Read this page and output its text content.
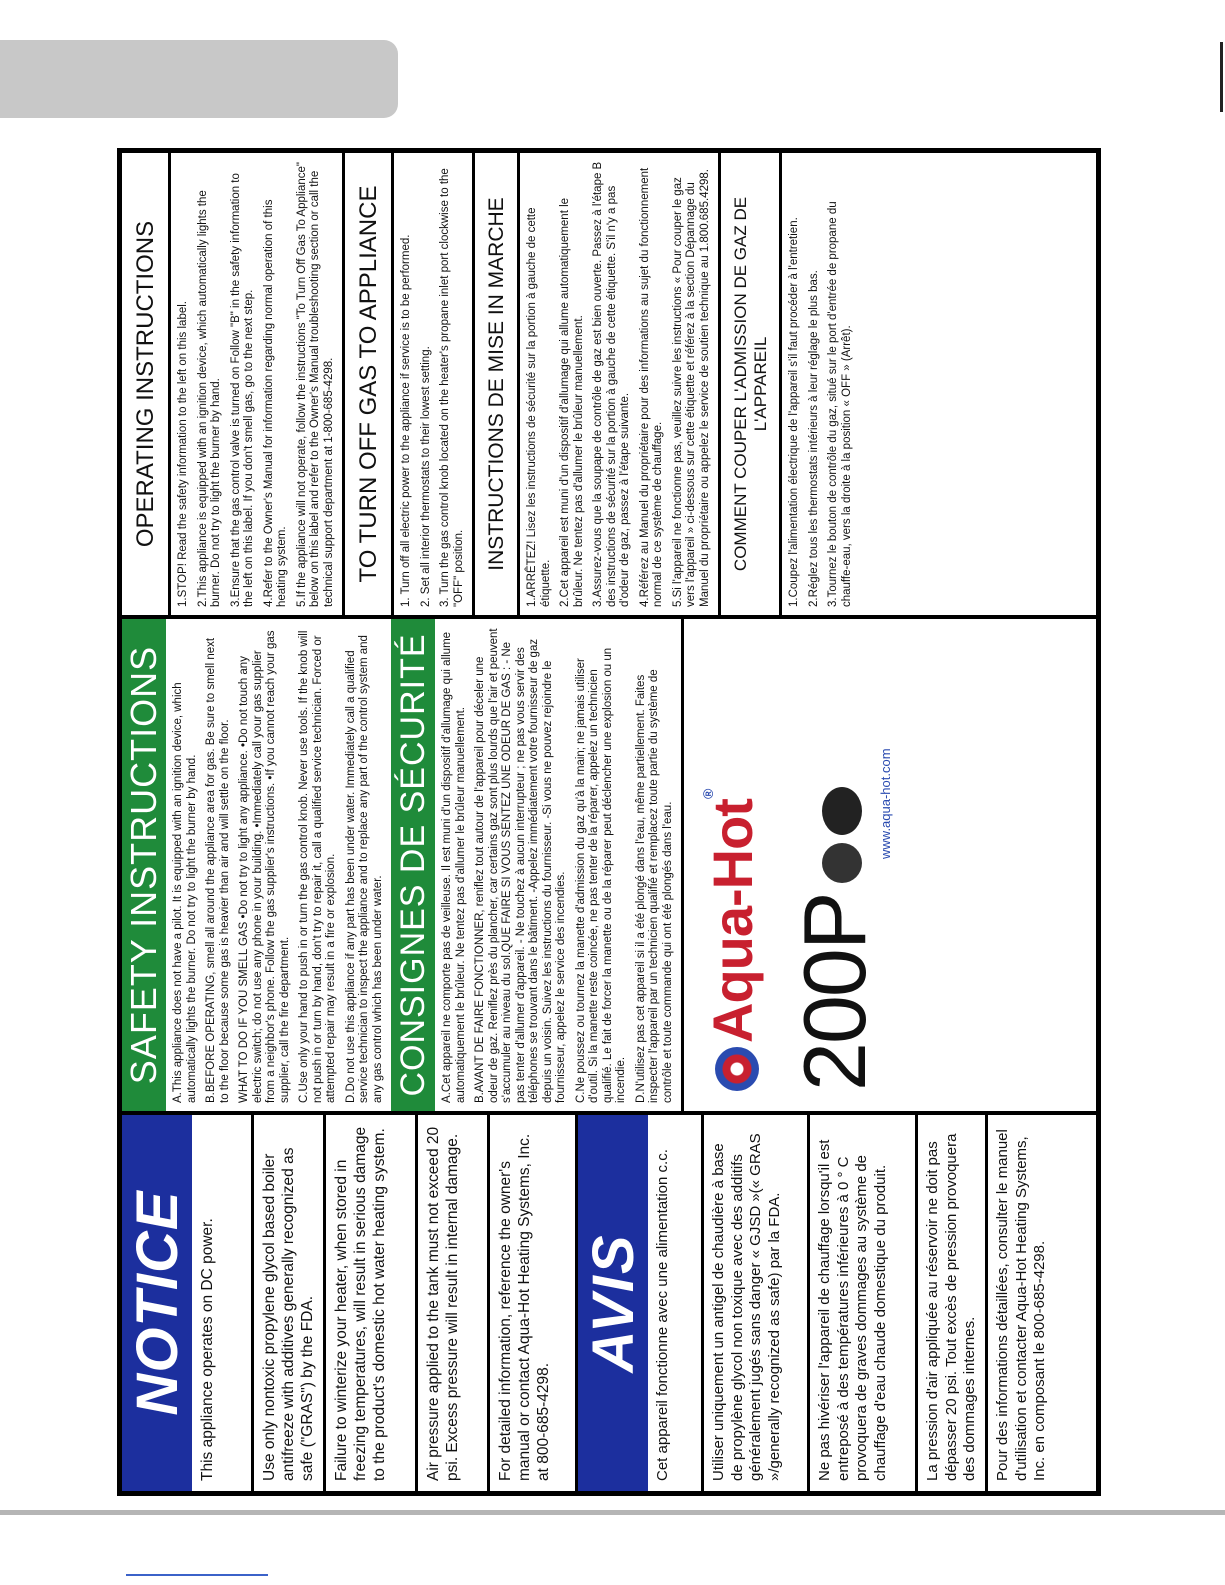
NOTICE This appliance operates on DC power.	Use only nontoxic propylene glycol based boiler antifreeze with additives generally recognized as safe ("GRAS") by the FDA.	Failure to winterize your heater, when stored in freezing temperatures, will result in serious damage to the product's domestic hot water heating system.	Air pressure applied to the tank must not exceed 20 psi. Excess pressure will result in internal damage.	For detailed information, reference the owner's manual or contact Aqua-Hot Heating Systems, Inc. at 800-685-4298.
AVIS Cet appareil fonctionne avec une alimentation c.c.	Utiliser uniquement un antigel de chaudière à base de propylène glycol non toxique avec des additifs généralement jugés sans danger « GJSD »(« GRAS »/generally recognized as safe) par la FDA.	Ne pas hivériser l'appareil de chauffage lorsqu'il est entreposé à des températures inférieures à 0 ° C provoquera de graves dommages au système de chauffage d'eau chaude domestique du produit.	La pression d'air appliquée au réservoir ne doit pas dépasser 20 psi. Tout excès de pression provoquera des dommages internes.	Pour des informations détaillées, consulter le manuel d'utilisation et contacter Aqua-Hot Heating Systems, Inc. en composant le 800-685-4298.
SAFETY INSTRUCTIONS A.This appliance does not have a pilot. It is equipped with an ignition device, which automatically lights the burner. Do not try to light the burner by hand. B.BEFORE OPERATING, smell all around the appliance area for gas. Be sure to smell next to the floor because some gas is heavier than air and will settle on the floor. WHAT TO DO IF YOU SMELL GAS •Do not try to light any appliance. •Do not touch any electric switch; do not use any phone in your building. •Immediately call your gas supplier from a neighbor's phone. Follow the gas supplier's instructions. •If you cannot reach your gas supplier, call the fire department. C.Use only your hand to push in or turn the gas control knob. Never use tools. If the knob will not push in or turn by hand, don't try to repair it, call a qualified service technician. Forced or attempted repair may result in a fire or explosion. D.Do not use this appliance if any part has been under water. Immediately call a qualified service technician to inspect the appliance and to replace any part of the control system and any gas control which has been under water. CONSIGNES DE SÉCURITÉ A.Cet appareil ne comporte pas de veilleuse. Il est muni d'un dispositif d'allumage qui allume automatiquement le brûleur. Ne tentez pas d'allumer le brûleur manuellement. B.AVANT DE FAIRE FONCTIONNER, reniflez tout autour de l'appareil pour déceler une odeur de gaz. Reniflez près du plancher, car certains gaz sont plus lourds que l'air et peuvent s'accumuler au niveau du sol.QUE FAIRE SI VOUS SENTEZ UNE ODEUR DE GAS : - Ne pas tenter d'allumer d'appareil. - Ne touchez à aucun interrupteur ; ne pas vous servir des téléphones se trouvant dans le bâtiment. -Appelez immédiatement votre fournisseur de gaz depuis un voisin. Suivez les instructions du fournisseur. -Si vous ne pouvez rejoindre le fournisseur, appelez le service des incendies. C.Ne poussez ou tournez la manette d'admission du gaz qu'à la main; ne jamais utiliser d'outil. Si la manette reste coincée, ne pas tenter de la réparer, appelez un technicien qualifié. Le fait de forcer la manette ou de la réparer peut déclencher une explosion ou un incendie. D.N'utilisez pas cet appareil si il a été plongé dans l'eau, même partiellement. Faites inspecter l'appareil par un technicien qualifié et remplacez toute partie du système de contrôle et toute commande qui ont été plongés dans l'eau. Aqua-Hot®
200P
www.aqua-hot.com
OPERATING INSTRUCTIONS	1.STOP! Read the safety information to the left on this label. 2.This appliance is equipped with an ignition device, which automatically lights the burner. Do not try to light the burner by hand. 3.Ensure that the gas control valve is turned on Follow "B" in the safety information to the left on this label. If you don't smell gas, go to the next step. 4.Refer to the Owner's Manual for information regarding normal operation of this heating system. 5.If the appliance will not operate, follow the instructions "To Turn Off Gas To Appliance" below on this label and refer to the Owner's Manual troubleshooting section or call the technical support department at 1-800-685-4298. TO TURN OFF GAS TO APPLIANCE	1. Turn off all electric power to the appliance if service is to be performed. 2. Set all interior thermostats to their lowest setting. 3. Turn the gas control knob located on the heater's propane inlet port clockwise to the "OFF" position. INSTRUCTIONS DE MISE IN MARCHE	1.ARRÊTEZ! Lisez les instructions de sécurité sur la portion à gauche de cette étiquette. 2.Cet appareil est muni d'un dispositif d'allumage qui allume automatiquement le brûleur. Ne tentez pas d'allumer le brûleur manuellement. 3.Assurez-vous que la soupape de contrôle de gaz est bien ouverte. Passez à l'étape B des instructions de sécurité sur la portion à gauche de cette étiquette. S'il n'y a pas d'odeur de gaz, passez à l'étape suivante. 4.Référez au Manuel du propriétaire pour des informations au sujet du fonctionnement normal de ce système de chauffage. 5.Si l'appareil ne fonctionne pas, veuillez suivre les instructions « Pour couper le gaz vers l'appareil » ci-dessous sur cette étiquette et référez à la section Dépannage du Manuel du propriétaire ou appelez le service de soutien technique au 1.800.685.4298.	COMMENT COUPER L'ADMISSION DE GAZ DE L'APPAREIL	1.Coupez l'alimentation électrique de l'appareil s'il faut procéder à l'entretien. 2.Réglez tous les thermostats intérieurs à leur réglage le plus bas. 3.Tournez le bouton de contrôle du gaz, situé sur le port d'entrée de propane du chauffe-eau, vers la droite à la position « OFF » (Arrêt).
